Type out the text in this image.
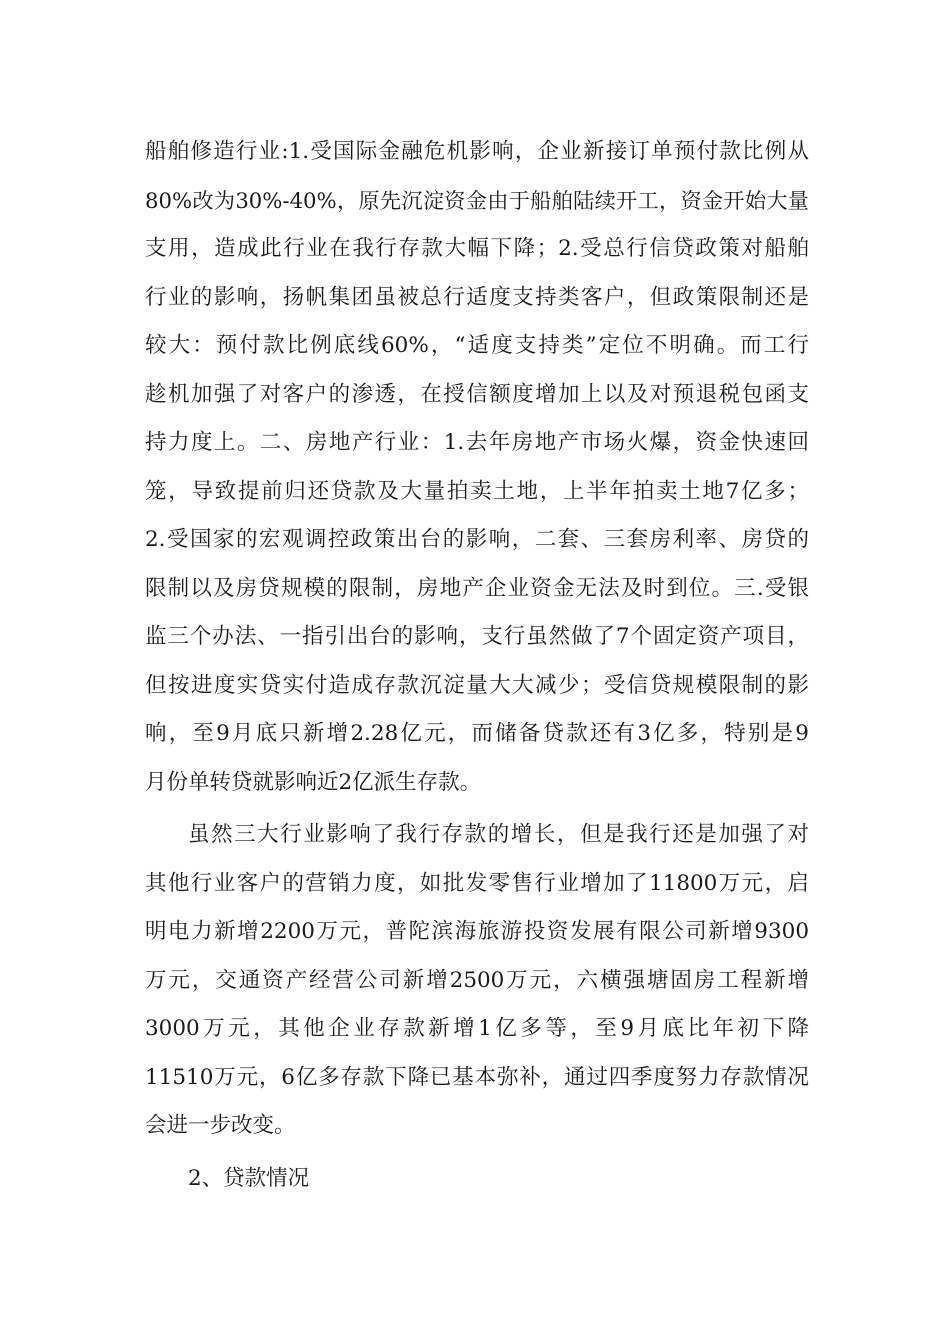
船舶修造行业:1.受国际金融危机影响，企业新接订单预付款比例从
80%改为30%-40%，原先沉淀资金由于船舶陆续开工，资金开始大量
支用，造成此行业在我行存款大幅下降；2.受总行信贷政策对船舶
行业的影响，扬帆集团虽被总行适度支持类客户，但政策限制还是
较大：预付款比例底线60%，“适度支持类”定位不明确。而工行
趁机加强了对客户的渗透，在授信额度增加上以及对预退税包函支
持力度上。二、房地产行业：1.去年房地产市场火爆，资金快速回
笼，导致提前归还贷款及大量拍卖土地，上半年拍卖土地7亿多；
2.受国家的宏观调控政策出台的影响，二套、三套房利率、房贷的
限制以及房贷规模的限制，房地产企业资金无法及时到位。三.受银
监三个办法、一指引出台的影响，支行虽然做了7个固定资产项目，
但按进度实贷实付造成存款沉淀量大大减少；受信贷规模限制的影
响，至9月底只新增2.28亿元，而储备贷款还有3亿多，特别是9
月份单转贷就影响近2亿派生存款。
虽然三大行业影响了我行存款的增长，但是我行还是加强了对
其他行业客户的营销力度，如批发零售行业增加了11800万元，启
明电力新增2200万元，普陀滨海旅游投资发展有限公司新增9300
万元，交通资产经营公司新增2500万元，六横强塘固房工程新增
3000万元，其他企业存款新增1亿多等，至9月底比年初下降
11510万元，6亿多存款下降已基本弥补，通过四季度努力存款情况
会进一步改变。
2、贷款情况
